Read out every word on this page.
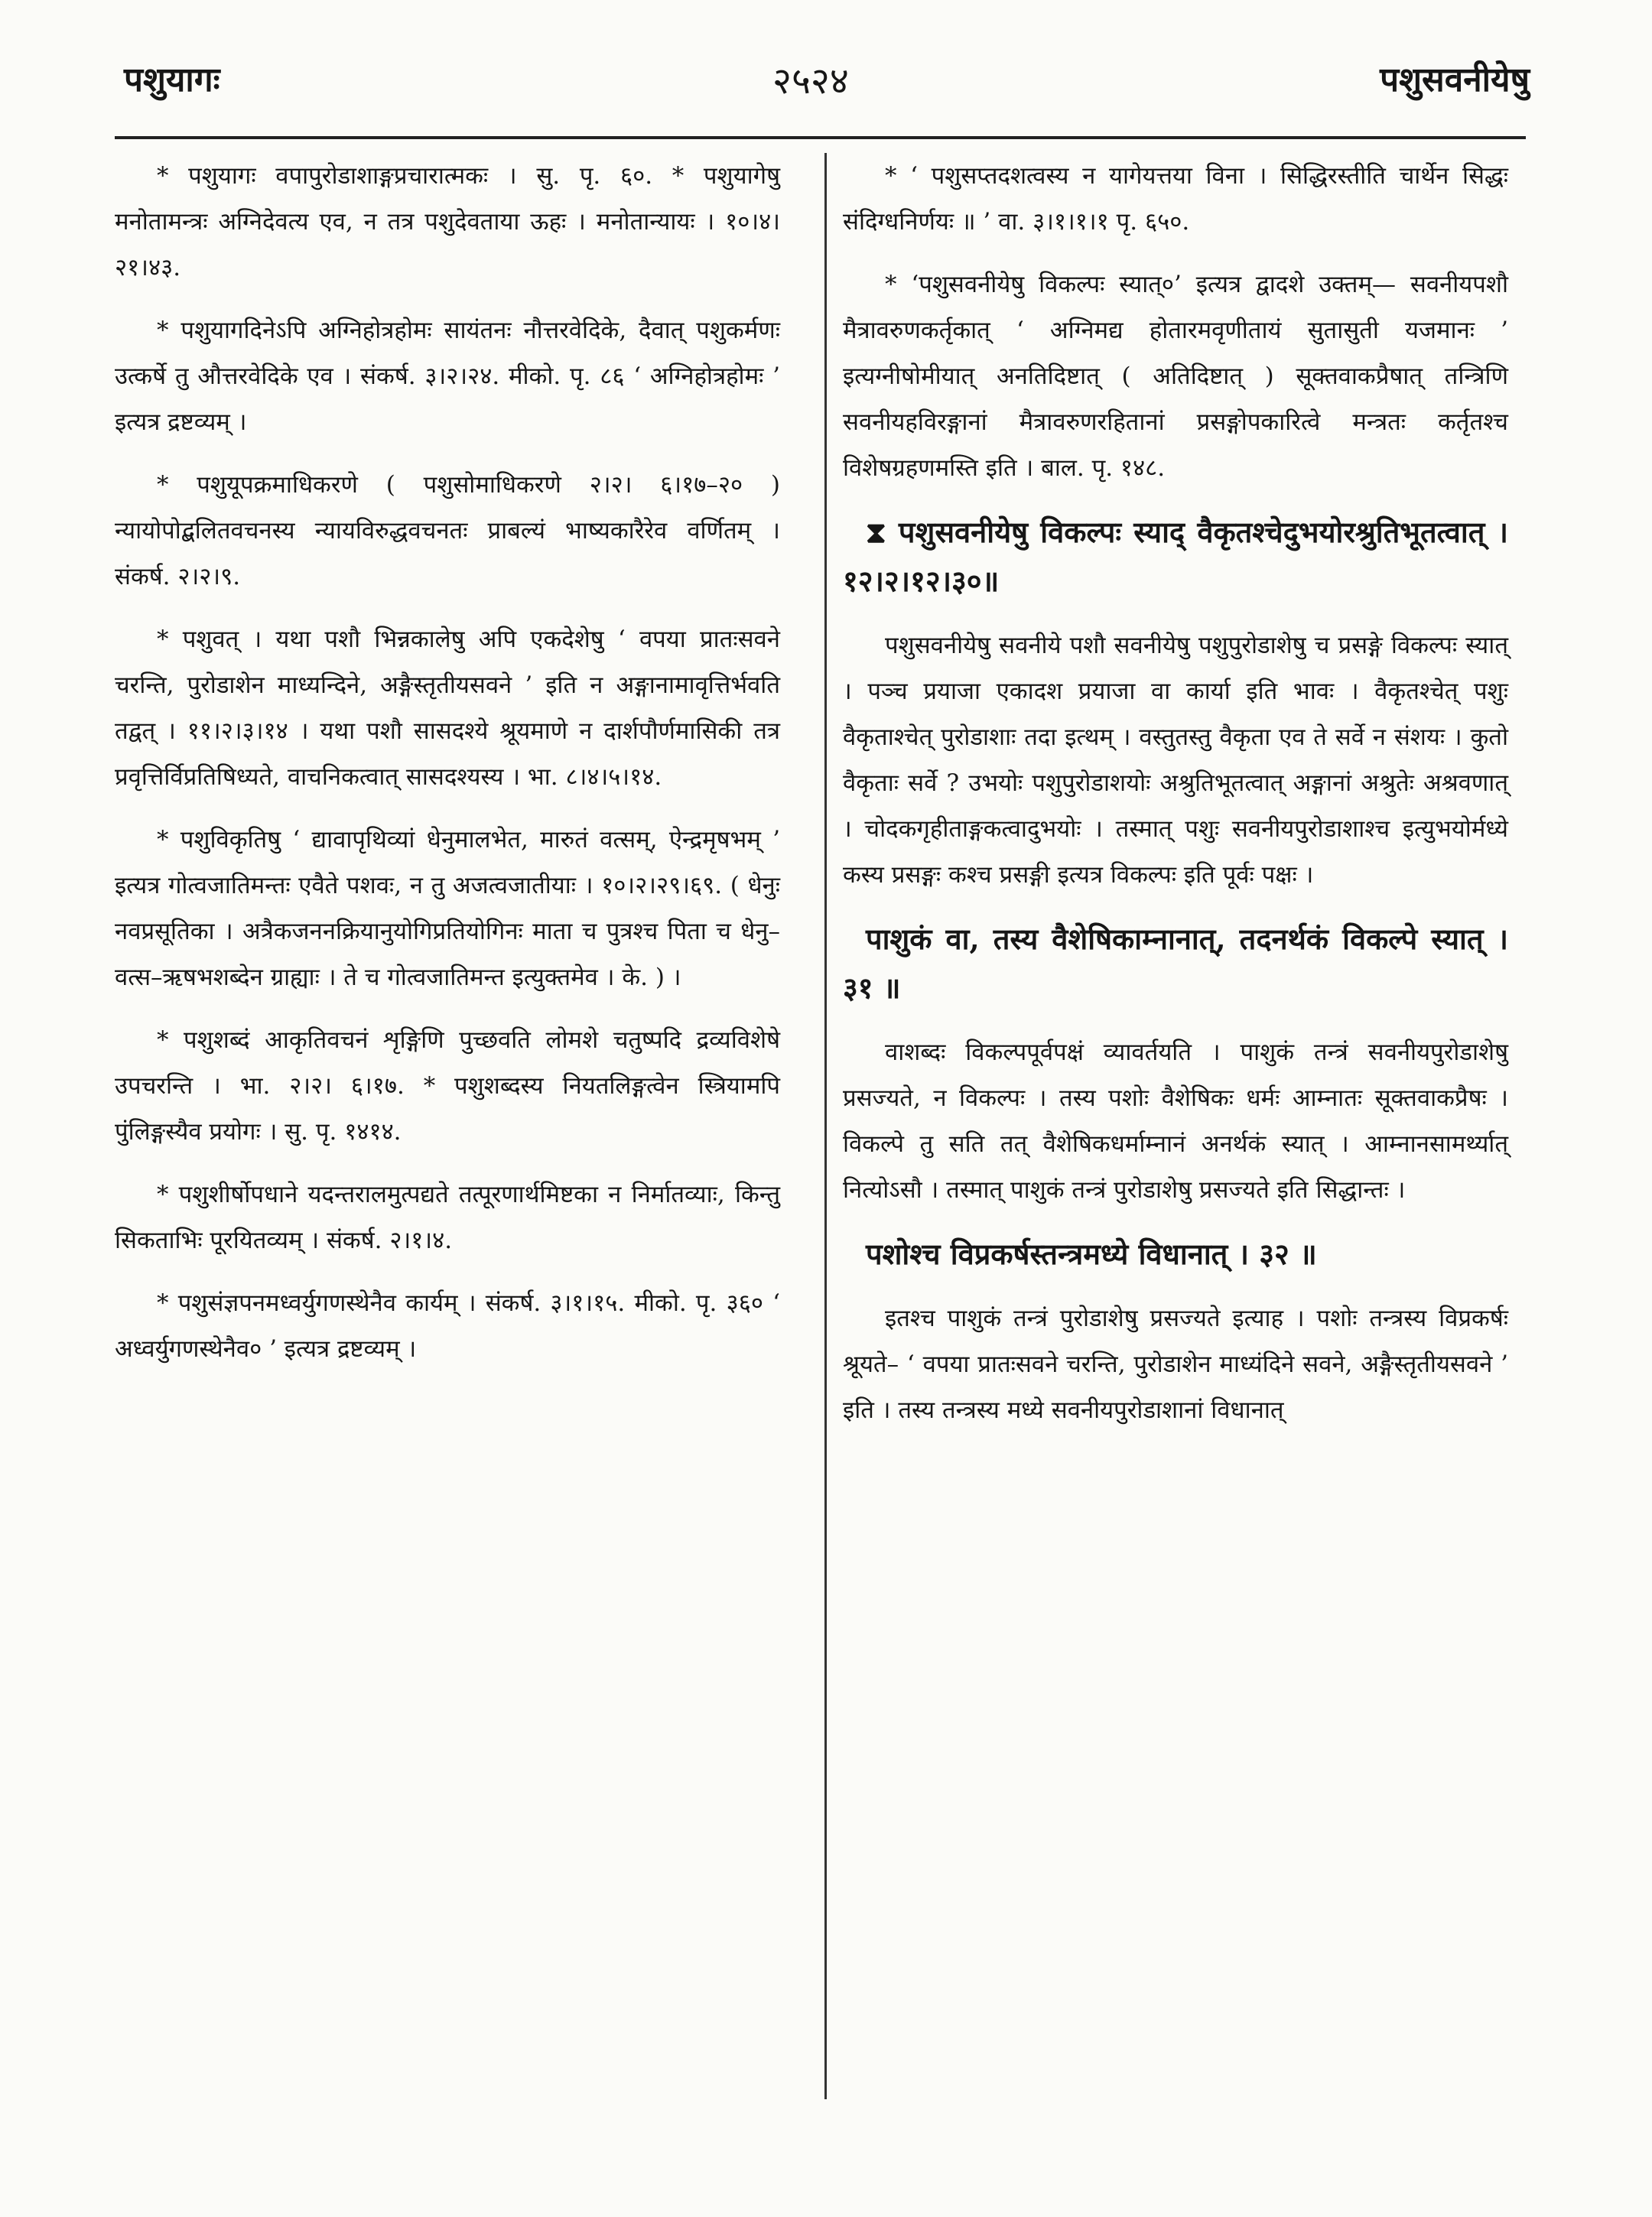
पशुयागः	२५२४	पशुसवनीयेषु

* पशुयागः वपापुरोडाशाङ्गप्रचारात्मकः । सु. पृ. ६०. * पशुयागेषु मनोतामन्त्रः अग्निदेवत्य एव, न तत्र पशुदेवताया ऊहः । मनोतान्यायः । १०।४। २१।४३.

* पशुयागदिनेऽपि अग्निहोत्रहोमः सायंतनः नौत्तरवेदिके, दैवात् पशुकर्मणः उत्कर्षे तु औत्तरवेदिके एव । संकर्ष. ३।२।२४. मीको. पृ. ८६ ‘ अग्निहोत्रहोमः ’ इत्यत्र द्रष्टव्यम् ।

* पशुयूपक्रमाधिकरणे ( पशुसोमाधिकरणे २।२। ६।१७–२० ) न्यायोपोद्बलितवचनस्य न्यायविरुद्धवचनतः प्राबल्यं भाष्यकारैरेव वर्णितम् । संकर्ष. २।२।९.

* पशुवत् । यथा पशौ भिन्नकालेषु अपि एकदेशेषु ‘ वपया प्रातःसवने चरन्ति, पुरोडाशेन माध्यन्दिने, अङ्गैस्तृतीयसवने ’ इति न अङ्गानामावृत्तिर्भवति तद्वत् । ११।२।३।१४ । यथा पशौ सासदश्ये श्रूयमाणे न दार्शपौर्णमासिकी तत्र प्रवृत्तिर्विप्रतिषिध्यते, वाचनिकत्वात् सासदश्यस्य । भा. ८।४।५।१४.

* पशुविकृतिषु ‘ द्यावापृथिव्यां धेनुमालभेत, मारुतं वत्सम्, ऐन्द्रमृषभम् ’ इत्यत्र गोत्वजातिमन्तः एवैते पशवः, न तु अजत्वजातीयाः । १०।२।२९।६९. ( धेनुः नवप्रसूतिका । अत्रैकजननक्रियानुयोगिप्रतियोगिनः माता च पुत्रश्च पिता च धेनु–वत्स–ऋषभशब्देन ग्राह्याः । ते च गोत्वजातिमन्त इत्युक्तमेव । के. ) ।

* पशुशब्दं आकृतिवचनं शृङ्गिणि पुच्छवति लोमशे चतुष्पदि द्रव्यविशेषे उपचरन्ति । भा. २।२। ६।१७. * पशुशब्दस्य नियतलिङ्गत्वेन स्त्रियामपि पुंलिङ्गस्यैव प्रयोगः । सु. पृ. १४१४.

* पशुशीर्षोपधाने यदन्तरालमुत्पद्यते तत्पूरणार्थमिष्टका न निर्मातव्याः, किन्तु सिकताभिः पूरयितव्यम् । संकर्ष. २।१।४.

* पशुसंज्ञपनमध्वर्युगणस्थेनैव कार्यम् । संकर्ष. ३।१।१५. मीको. पृ. ३६० ‘ अध्वर्युगणस्थेनैव० ’ इत्यत्र द्रष्टव्यम् ।

* ‘ पशुसप्तदशत्वस्य न यागेयत्तया विना । सिद्धिरस्तीति चार्थेन सिद्धः संदिग्धनिर्णयः ॥ ’ वा. ३।१।१।१ पृ. ६५०.

* ‘पशुसवनीयेषु विकल्पः स्यात्०’ इत्यत्र द्वादशे उक्तम्— सवनीयपशौ मैत्रावरुणकर्तृकात् ‘ अग्निमद्य होतारमवृणीतायं सुतासुती यजमानः ’ इत्यग्नीषोमीयात् अनतिदिष्टात् ( अतिदिष्टात् ) सूक्तवाकप्रैषात् तन्त्रिणि सवनीयहविरङ्गानां मैत्रावरुणरहितानां प्रसङ्गोपकारित्वे मन्त्रतः कर्तृतश्च विशेषग्रहणमस्ति इति । बाल. पृ. १४८.

⧗ पशुसवनीयेषु विकल्पः स्याद् वैकृतश्चेदुभयोरश्रुतिभूतत्वात् । १२।२।१२।३०॥

पशुसवनीयेषु सवनीये पशौ सवनीयेषु पशुपुरोडाशेषु च प्रसङ्गे विकल्पः स्यात् । पञ्च प्रयाजा एकादश प्रयाजा वा कार्या इति भावः । वैकृतश्चेत् पशुः वैकृताश्चेत् पुरोडाशाः तदा इत्थम् । वस्तुतस्तु वैकृता एव ते सर्वे न संशयः । कुतो वैकृताः सर्वे ? उभयोः पशुपुरोडाशयोः अश्रुतिभूतत्वात् अङ्गानां अश्रुतेः अश्रवणात् । चोदकगृहीताङ्गकत्वादुभयोः । तस्मात् पशुः सवनीयपुरोडाशाश्च इत्युभयोर्मध्ये कस्य प्रसङ्गः कश्च प्रसङ्गी इत्यत्र विकल्पः इति पूर्वः पक्षः ।

पाशुकं वा, तस्य वैशेषिकाम्नानात्, तदनर्थकं विकल्पे स्यात् । ३१ ॥

वाशब्दः विकल्पपूर्वपक्षं व्यावर्तयति । पाशुकं तन्त्रं सवनीयपुरोडाशेषु प्रसज्यते, न विकल्पः । तस्य पशोः वैशेषिकः धर्मः आम्नातः सूक्तवाकप्रैषः । विकल्पे तु सति तत् वैशेषिकधर्माम्नानं अनर्थकं स्यात् । आम्नानसामर्थ्यात् नित्योऽसौ । तस्मात् पाशुकं तन्त्रं पुरोडाशेषु प्रसज्यते इति सिद्धान्तः ।

पशोश्च विप्रकर्षस्तन्त्रमध्ये विधानात् । ३२ ॥

इतश्च पाशुकं तन्त्रं पुरोडाशेषु प्रसज्यते इत्याह । पशोः तन्त्रस्य विप्रकर्षः श्रूयते– ‘ वपया प्रातःसवने चरन्ति, पुरोडाशेन माध्यंदिने सवने, अङ्गैस्तृतीयसवने ’ इति । तस्य तन्त्रस्य मध्ये सवनीयपुरोडाशानां विधानात्
